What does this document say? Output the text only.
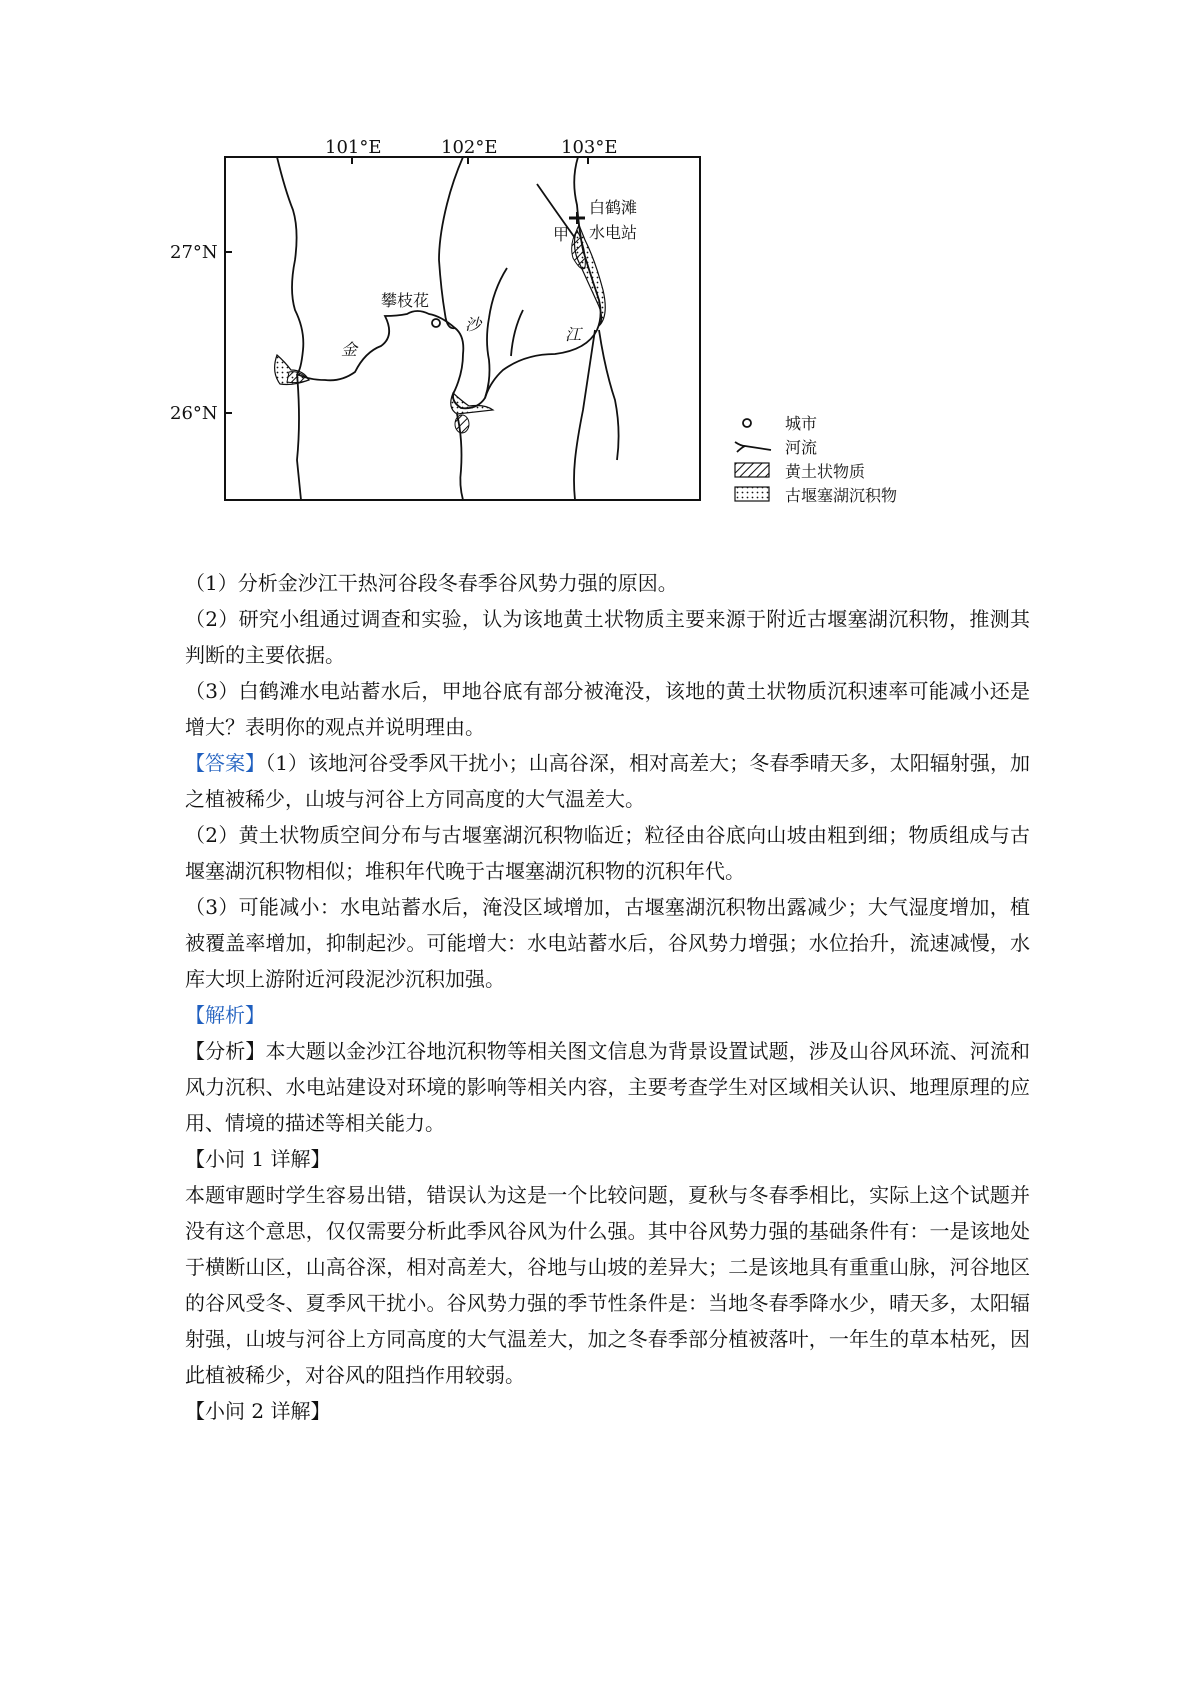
101°E	102°E	103°E
27°N
26°N
白鹤滩
水电站
甲
攀枝花
金
沙
江
城市
河流
黄土状物质
古堰塞湖沉积物

（1）分析金沙江干热河谷段冬春季谷风势力强的原因。

（2）研究小组通过调查和实验，认为该地黄土状物质主要来源于附近古堰塞湖沉积物，推测其判断的主要依据。

（3）白鹤滩水电站蓄水后，甲地谷底有部分被淹没，该地的黄土状物质沉积速率可能减小还是增大？表明你的观点并说明理由。

【答案】（1）该地河谷受季风干扰小；山高谷深，相对高差大；冬春季晴天多，太阳辐射强，加之植被稀少，山坡与河谷上方同高度的大气温差大。

（2）黄土状物质空间分布与古堰塞湖沉积物临近；粒径由谷底向山坡由粗到细；物质组成与古堰塞湖沉积物相似；堆积年代晚于古堰塞湖沉积物的沉积年代。

（3）可能减小：水电站蓄水后，淹没区域增加，古堰塞湖沉积物出露减少；大气湿度增加，植被覆盖率增加，抑制起沙。可能增大：水电站蓄水后，谷风势力增强；水位抬升，流速减慢，水库大坝上游附近河段泥沙沉积加强。

【解析】

【分析】本大题以金沙江谷地沉积物等相关图文信息为背景设置试题，涉及山谷风环流、河流和风力沉积、水电站建设对环境的影响等相关内容，主要考查学生对区域相关认识、地理原理的应用、情境的描述等相关能力。

【小问 1 详解】

本题审题时学生容易出错，错误认为这是一个比较问题，夏秋与冬春季相比，实际上这个试题并没有这个意思，仅仅需要分析此季风谷风为什么强。其中谷风势力强的基础条件有：一是该地处于横断山区，山高谷深，相对高差大，谷地与山坡的差异大；二是该地具有重重山脉，河谷地区的谷风受冬、夏季风干扰小。谷风势力强的季节性条件是：当地冬春季降水少，晴天多，太阳辐射强，山坡与河谷上方同高度的大气温差大，加之冬春季部分植被落叶，一年生的草本枯死，因此植被稀少，对谷风的阻挡作用较弱。

【小问 2 详解】
